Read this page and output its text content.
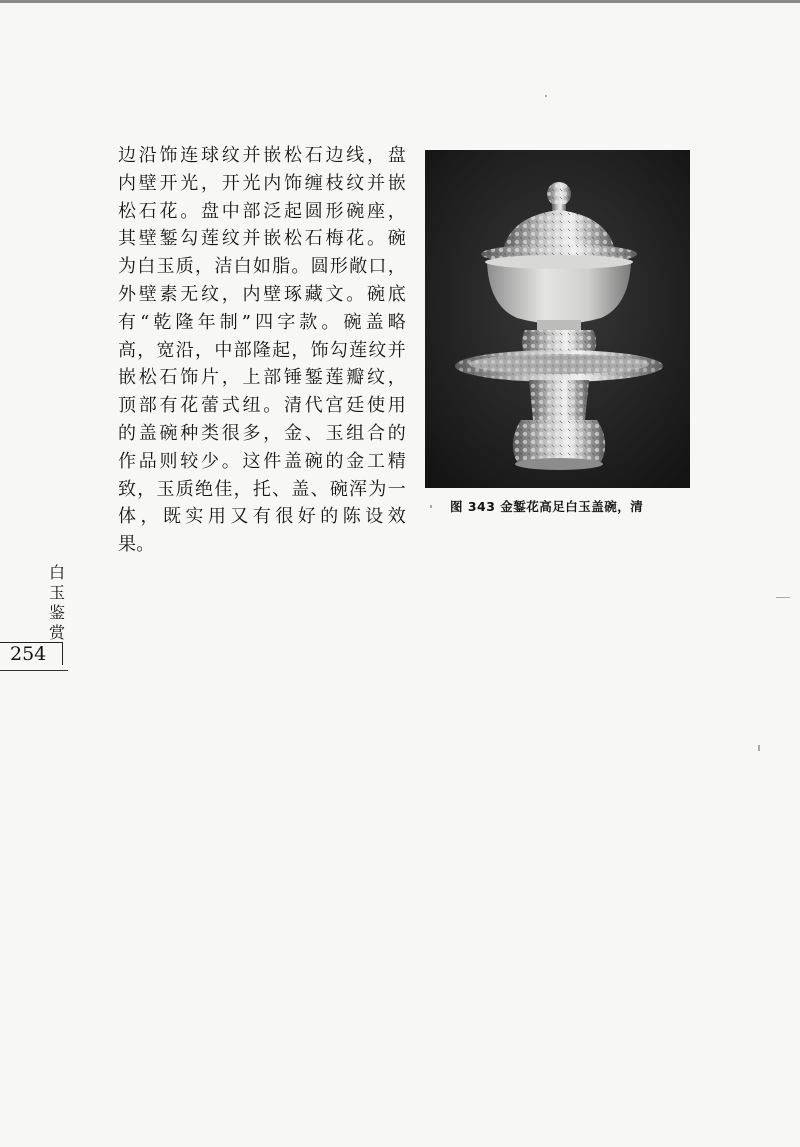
边沿饰连球纹并嵌松石边线，盘
内壁开光，开光内饰缠枝纹并嵌
松石花。盘中部泛起圆形碗座，
其壁錾勾莲纹并嵌松石梅花。碗
为白玉质，洁白如脂。圆形敞口，
外壁素无纹，内壁琢藏文。碗底
有“乾隆年制”四字款。碗盖略
高，宽沿，中部隆起，饰勾莲纹并
嵌松石饰片，上部锤錾莲瓣纹，
顶部有花蕾式纽。清代宫廷使用
的盖碗种类很多，金、玉组合的
作品则较少。这件盖碗的金工精
致，玉质绝佳，托、盖、碗浑为一
体，既实用又有很好的陈设效
果。
图 343 金錾花高足白玉盖碗，清
白
玉
鉴
赏
254
